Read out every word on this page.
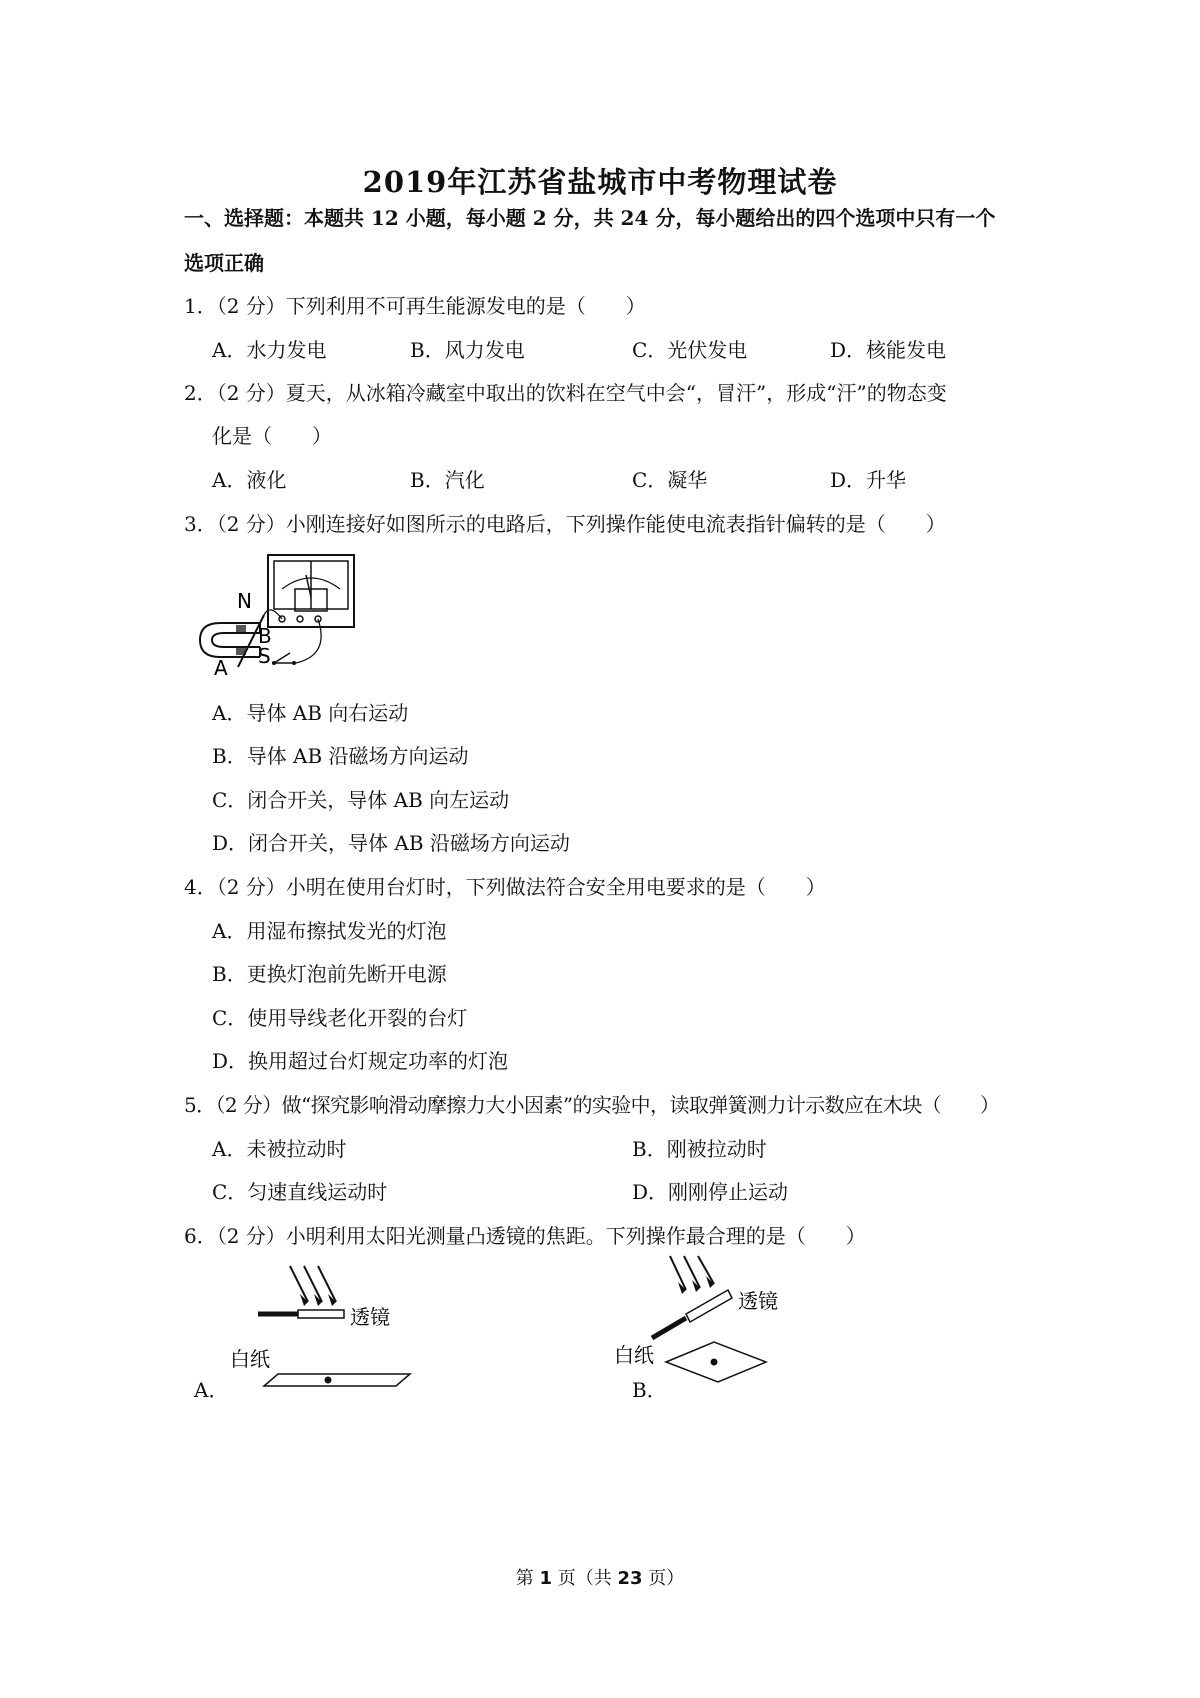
2019年江苏省盐城市中考物理试卷
一、选择题：本题共 12 小题，每小题 2 分，共 24 分，每小题给出的四个选项中只有一个
选项正确
1．（2 分）下列利用不可再生能源发电的是（　　）
A．水力发电	B．风力发电	C．光伏发电	D．核能发电
2．（2 分）夏天，从冰箱冷藏室中取出的饮料在空气中会“，冒汗”，形成“汗”的物态变
化是（　　）
A．液化	B．汽化	C．凝华	D．升华
3．（2 分）小刚连接好如图所示的电路后，下列操作能使电流表指针偏转的是（　　）
N
B
S
A
A．导体 AB 向右运动
B．导体 AB 沿磁场方向运动
C．闭合开关，导体 AB 向左运动
D．闭合开关，导体 AB 沿磁场方向运动
4．（2 分）小明在使用台灯时，下列做法符合安全用电要求的是（　　）
A．用湿布擦拭发光的灯泡
B．更换灯泡前先断开电源
C．使用导线老化开裂的台灯
D．换用超过台灯规定功率的灯泡
5．（2 分）做“探究影响滑动摩擦力大小因素”的实验中，读取弹簧测力计示数应在木块（　　）
A．未被拉动时	B．刚被拉动时
C．匀速直线运动时	D．刚刚停止运动
6．（2 分）小明利用太阳光测量凸透镜的焦距。下列操作最合理的是（　　）
透镜
白纸
A．
透镜
白纸
B．
第 1 页（共 23 页）
